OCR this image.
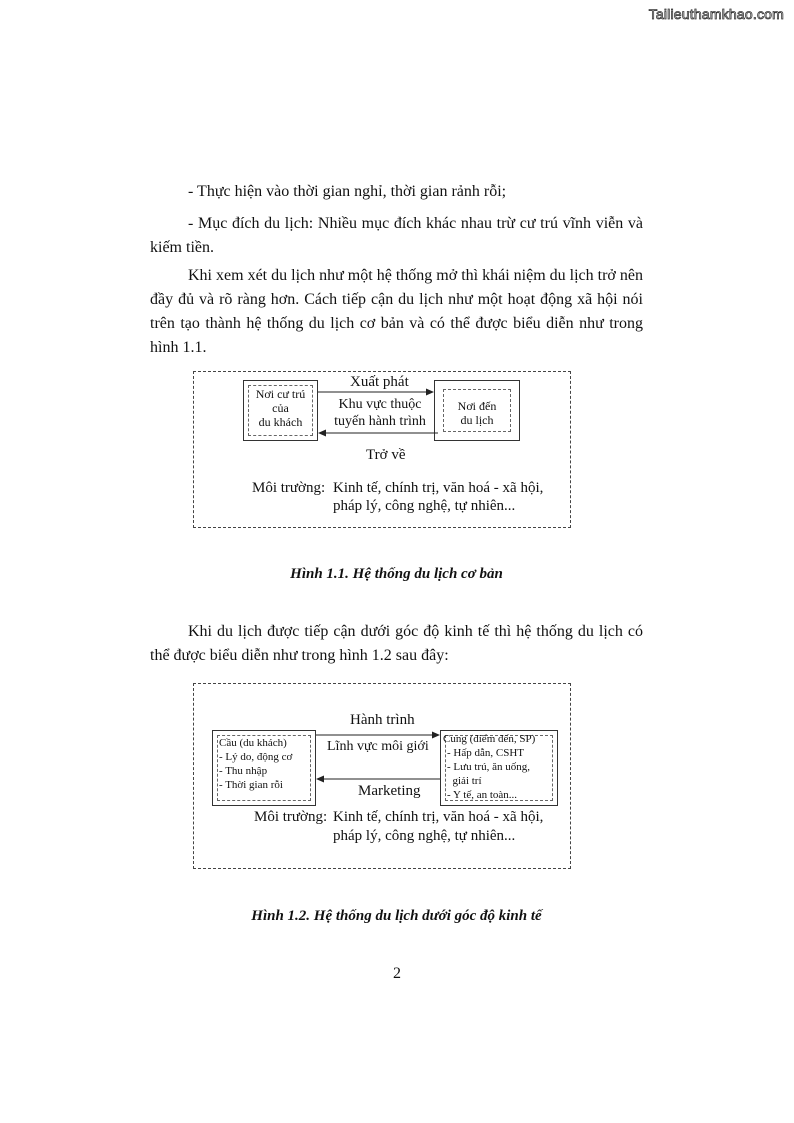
Tailieuthamkhao.com

- Thực hiện vào thời gian nghỉ, thời gian rảnh rỗi;

- Mục đích du lịch: Nhiều mục đích khác nhau trừ cư trú vĩnh viễn và kiếm tiền.

Khi xem xét du lịch như một hệ thống mở thì khái niệm du lịch trở nên đầy đủ và rõ ràng hơn. Cách tiếp cận du lịch như một hoạt động xã hội nói trên tạo thành hệ thống du lịch cơ bản và có thể được biểu diễn như trong hình 1.1.

Nơi cư trú
của
du khách
Nơi đến
du lịch
Xuất phát
Khu vực thuộc
tuyến hành trình
Trở về
Môi trường: Kinh tế, chính trị, văn hoá - xã hội,
pháp lý, công nghệ, tự nhiên...
Hình 1.1. Hệ thống du lịch cơ bản

Khi du lịch được tiếp cận dưới góc độ kinh tế thì hệ thống du lịch có thể được biểu diễn như trong hình 1.2 sau đây:

Cầu (du khách)
- Lý do, động cơ
- Thu nhập
- Thời gian rỗi
Cung (điểm đến, SP)
- Hấp dẫn, CSHT
- Lưu trú, ăn uống,
giải trí
- Y tế, an toàn...
Hành trình
Lĩnh vực môi giới
Marketing
Môi trường: Kinh tế, chính trị, văn hoá - xã hội,
pháp lý, công nghệ, tự nhiên...
Hình 1.2. Hệ thống du lịch dưới góc độ kinh tế
2
